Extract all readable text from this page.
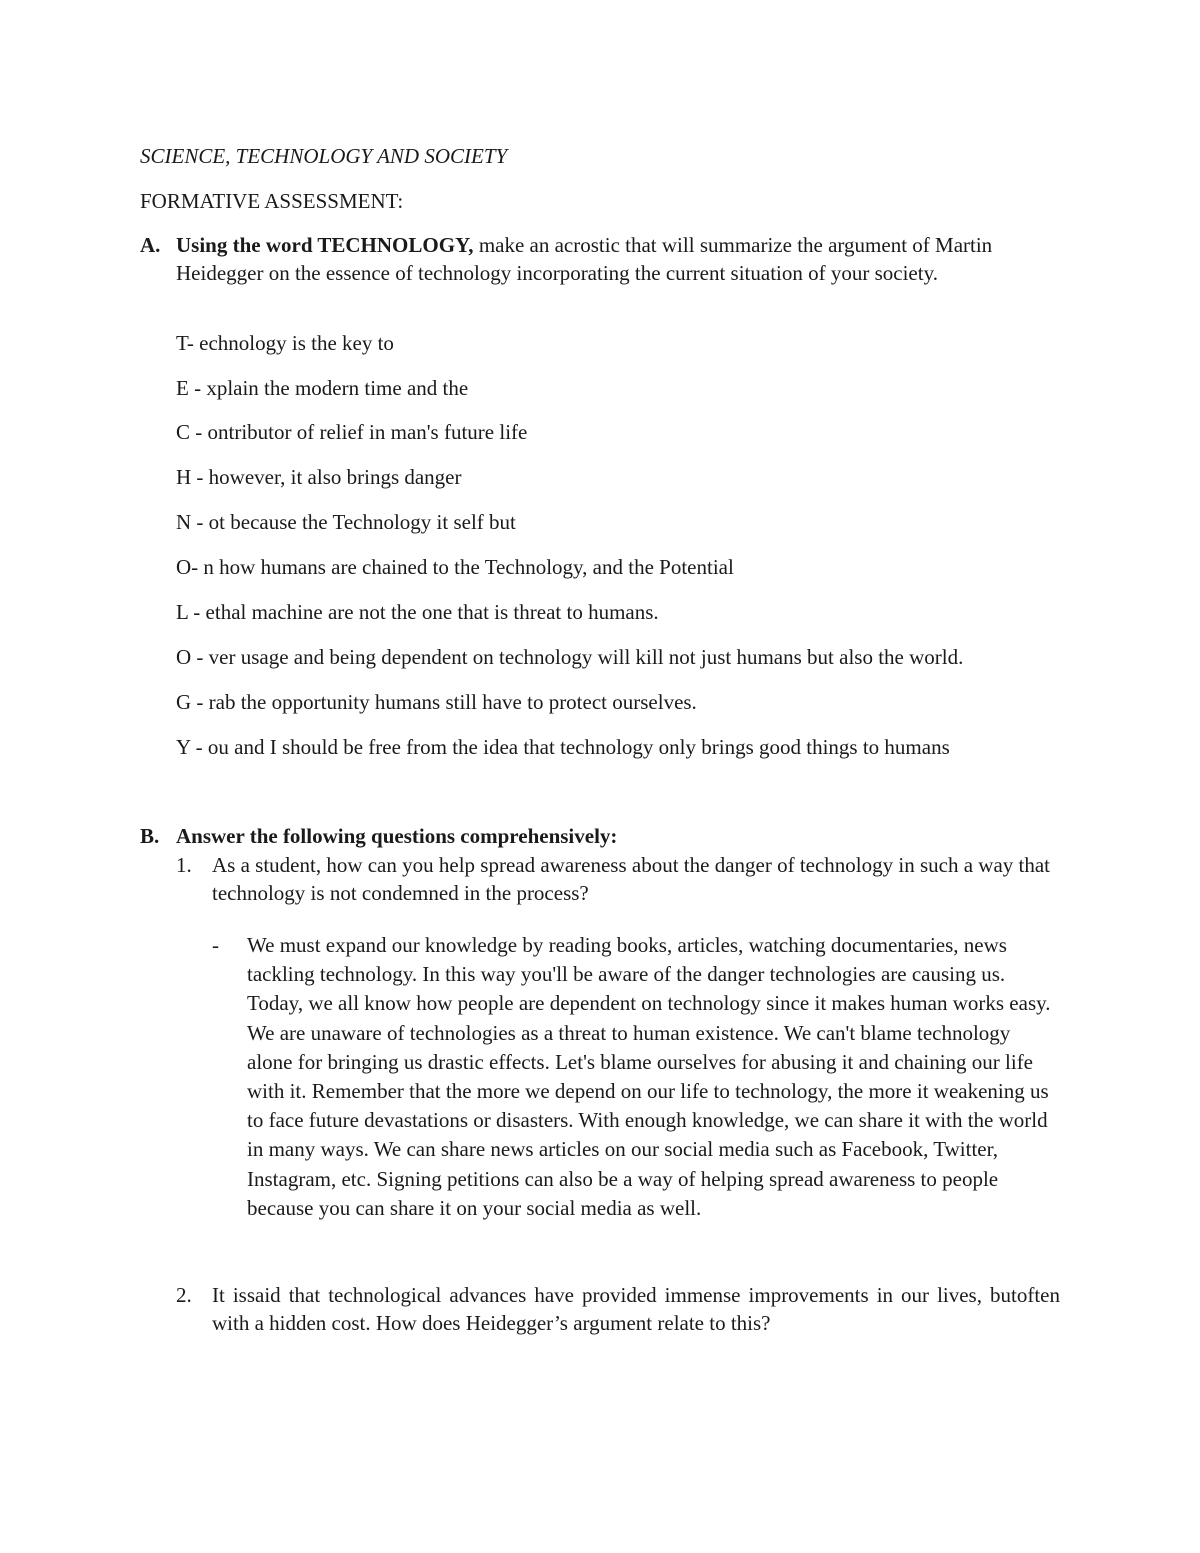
SCIENCE, TECHNOLOGY AND SOCIETY
FORMATIVE ASSESSMENT:
A. Using the word TECHNOLOGY, make an acrostic that will summarize the argument of Martin Heidegger on the essence of technology incorporating the current situation of your society.
T- echnology is the key to
E - xplain the modern time and the
C - ontributor of relief in man's future life
H - however, it also brings danger
N - ot because the Technology it self but
O- n how humans are chained to the Technology, and the Potential
L - ethal machine are not the one that is threat to humans.
O - ver usage and being dependent on technology will kill not just humans but also the world.
G - rab the opportunity humans still have to protect ourselves.
Y - ou and I should be free from the idea that technology only brings good things to humans
B. Answer the following questions comprehensively:
1. As a student, how can you help spread awareness about the danger of technology in such a way that technology is not condemned in the process?
- We must expand our knowledge by reading books, articles, watching documentaries, news tackling technology. In this way you'll be aware of the danger technologies are causing us. Today, we all know how people are dependent on technology since it makes human works easy. We are unaware of technologies as a threat to human existence. We can't blame technology alone for bringing us drastic effects. Let's blame ourselves for abusing it and chaining our life with it. Remember that the more we depend on our life to technology, the more it weakening us to face future devastations or disasters. With enough knowledge, we can share it with the world in many ways. We can share news articles on our social media such as Facebook, Twitter, Instagram, etc. Signing petitions can also be a way of helping spread awareness to people because you can share it on your social media as well.
2. It issaid that technological advances have provided immense improvements in our lives, butoften with a hidden cost. How does Heidegger’s argument relate to this?
